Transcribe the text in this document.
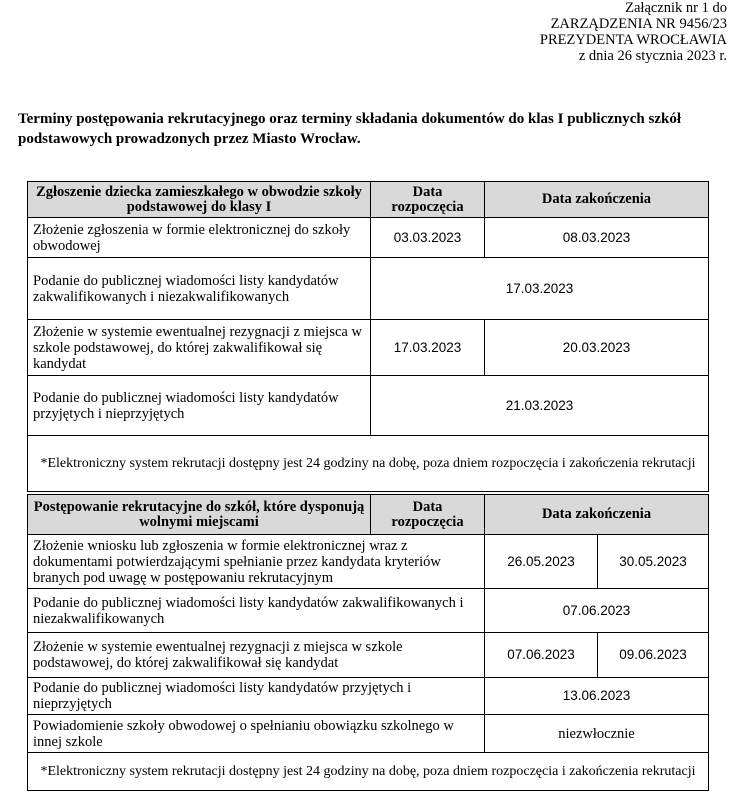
Załącznik nr 1 do
ZARZĄDZENIA NR 9456/23
PREZYDENTA WROCŁAWIA
z dnia 26 stycznia 2023 r.
Terminy postępowania rekrutacyjnego oraz terminy składania dokumentów do klas I publicznych szkół podstawowych prowadzonych przez Miasto Wrocław.
Zgłoszenie dziecka zamieszkałego w obwodzie szkoły podstawowej do klasy I	Data rozpoczęcia	Data zakończenia
Złożenie zgłoszenia w formie elektronicznej do szkoły obwodowej	03.03.2023	08.03.2023
Podanie do publicznej wiadomości listy kandydatów zakwalifikowanych i niezakwalifikowanych	17.03.2023	
Złożenie w systemie ewentualnej rezygnacji z miejsca w szkole podstawowej, do której zakwalifikował się kandydat	17.03.2023	20.03.2023
Podanie do publicznej wiadomości listy kandydatów przyjętych i nieprzyjętych	21.03.2023	
*Elektroniczny system rekrutacji dostępny jest 24 godziny na dobę, poza dniem rozpoczęcia i zakończenia rekrutacji		
Postępowanie rekrutacyjne do szkół, które dysponują wolnymi miejscami	Data rozpoczęcia	Data zakończenia	
Złożenie wniosku lub zgłoszenia w formie elektronicznej wraz z dokumentami potwierdzającymi spełnianie przez kandydata kryteriów branych pod uwagę w postępowaniu rekrutacyjnym		26.05.2023	30.05.2023
Podanie do publicznej wiadomości listy kandydatów zakwalifikowanych i niezakwalifikowanych		07.06.2023	
Złożenie w systemie ewentualnej rezygnacji z miejsca w szkole podstawowej, do której zakwalifikował się kandydat		07.06.2023	09.06.2023
Podanie do publicznej wiadomości listy kandydatów przyjętych i nieprzyjętych		13.06.2023	
Powiadomienie szkoły obwodowej o spełnianiu obowiązku szkolnego w innej szkole		niezwłocznie	
*Elektroniczny system rekrutacji dostępny jest 24 godziny na dobę, poza dniem rozpoczęcia i zakończenia rekrutacji			
